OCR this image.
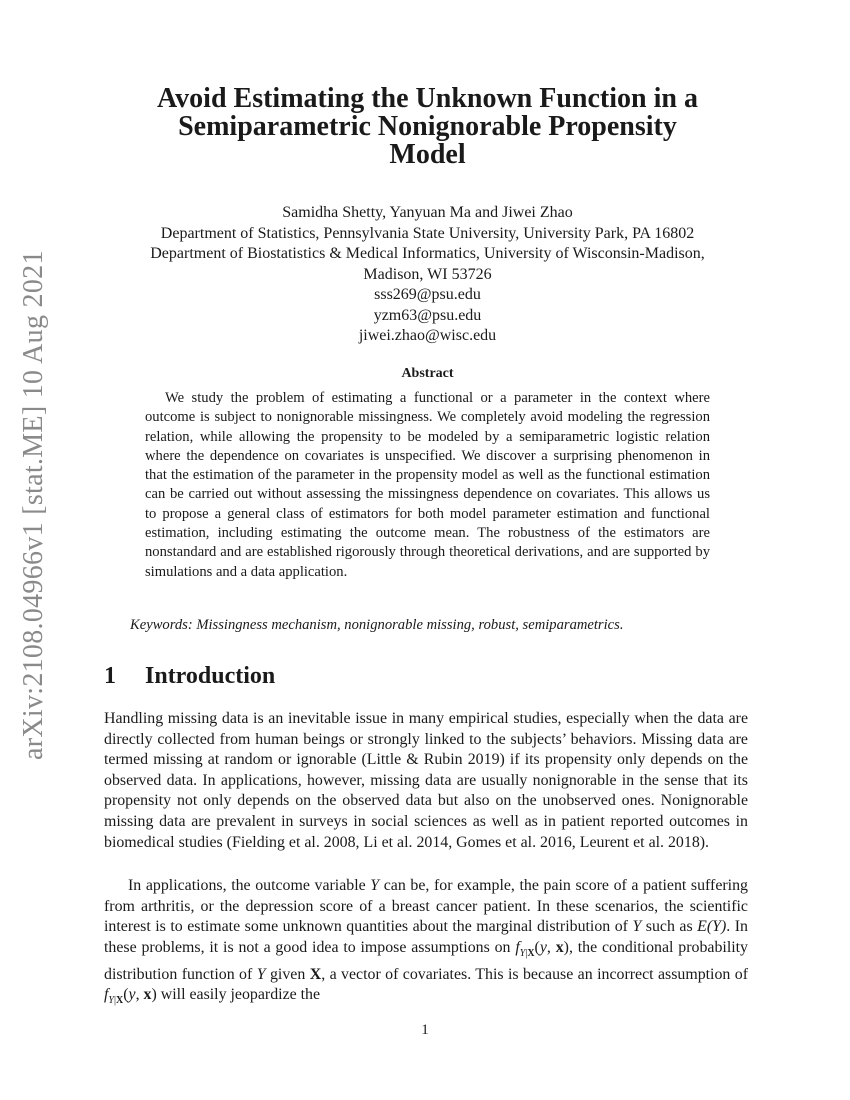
arXiv:2108.04966v1 [stat.ME] 10 Aug 2021
Avoid Estimating the Unknown Function in a
Semiparametric Nonignorable Propensity
Model
Samidha Shetty, Yanyuan Ma and Jiwei Zhao
Department of Statistics, Pennsylvania State University, University Park, PA 16802
Department of Biostatistics & Medical Informatics, University of Wisconsin-Madison,
Madison, WI 53726
sss269@psu.edu
yzm63@psu.edu
jiwei.zhao@wisc.edu
Abstract

We study the problem of estimating a functional or a parameter in the context where outcome is subject to nonignorable missingness. We completely avoid modeling the regression relation, while allowing the propensity to be modeled by a semiparametric logistic relation where the dependence on covariates is unspecified. We discover a surprising phenomenon in that the estimation of the parameter in the propensity model as well as the functional estimation can be carried out without assessing the missingness dependence on covariates. This allows us to propose a general class of estimators for both model parameter estimation and functional estimation, including estimating the outcome mean. The robustness of the estimators are nonstandard and are established rigorously through theoretical derivations, and are supported by simulations and a data application.

Keywords: Missingness mechanism, nonignorable missing, robust, semiparametrics.

1 Introduction

Handling missing data is an inevitable issue in many empirical studies, especially when the data are directly collected from human beings or strongly linked to the subjects’ behaviors. Missing data are termed missing at random or ignorable (Little & Rubin 2019) if its propensity only depends on the observed data. In applications, however, missing data are usually nonignorable in the sense that its propensity not only depends on the observed data but also on the unobserved ones. Nonignorable missing data are prevalent in surveys in social sciences as well as in patient reported outcomes in biomedical studies (Fielding et al. 2008, Li et al. 2014, Gomes et al. 2016, Leurent et al. 2018).

In applications, the outcome variable Y can be, for example, the pain score of a patient suffering from arthritis, or the depression score of a breast cancer patient. In these scenarios, the scientific interest is to estimate some unknown quantities about the marginal distribution of Y such as E(Y). In these problems, it is not a good idea to impose assumptions on $f_{Y|X}(y$, x), the conditional probability distribution function of Y given X, a vector of covariates. This is because an incorrect assumption of $f_{Y|X}(y$, x) will easily jeopardize the

1
